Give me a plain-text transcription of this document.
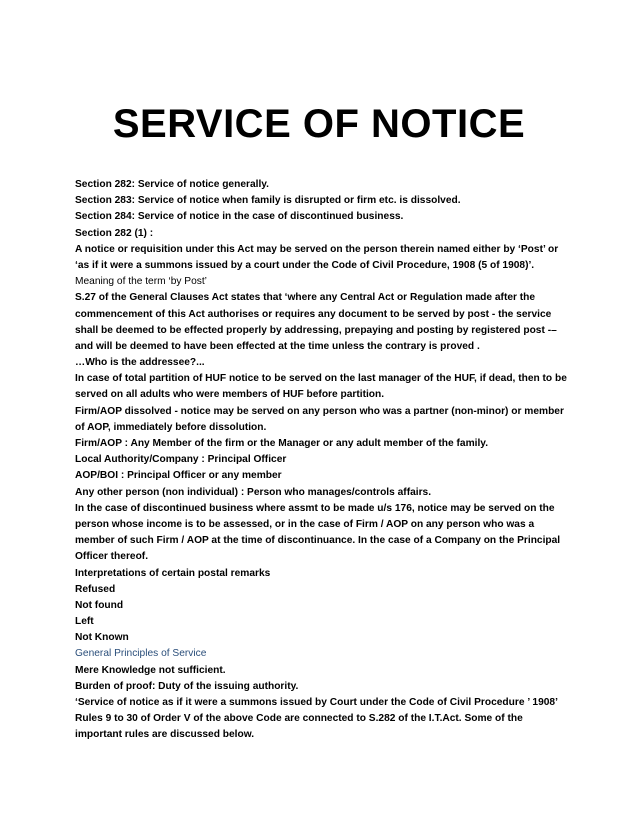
SERVICE OF NOTICE
Section 282: Service of notice generally.
Section 283: Service of notice when family is disrupted or firm etc. is dissolved.
Section 284: Service of notice in the case of discontinued business.
Section 282 (1) :
A notice or requisition under this Act may be served on the person therein named either by ‘Post’ or
‘as if it were a summons issued by a court under the Code of Civil Procedure, 1908 (5 of 1908)’.
Meaning of the term ‘by Post’
S.27 of the General Clauses Act states that ‘where any Central Act or Regulation made after the
commencement of this Act authorises or requires any document to be served by post - the service
shall be deemed to be effected properly by addressing, prepaying and posting by registered post -–
and will be deemed to have been effected at the time unless the contrary is proved .
…Who is the addressee?...
In case of total partition of HUF notice to be served on the last manager of the HUF, if dead, then to be
served on all adults who were members of HUF before partition.
Firm/AOP dissolved - notice may be served on any person who was a partner (non-minor) or member
of AOP, immediately before dissolution.
Firm/AOP : Any Member of the firm or the Manager or any adult member of the family.
Local Authority/Company : Principal Officer
AOP/BOI : Principal Officer or any member
Any other person (non individual) : Person who manages/controls affairs.
In the case of discontinued business where assmt to be made u/s 176, notice may be served on the
person whose income is to be assessed, or in the case of Firm / AOP on any person who was a
member of such Firm / AOP at the time of discontinuance. In the case of a Company on the Principal
Officer thereof.
Interpretations of certain postal remarks
Refused
Not found
Left
Not Known
General Principles of Service
Mere Knowledge not sufficient.
Burden of proof: Duty of the issuing authority.
‘Service of notice as if it were a summons issued by Court under the Code of Civil Procedure ’ 1908’
Rules 9 to 30 of Order V of the above Code are connected to S.282 of the I.T.Act. Some of the
important rules are discussed below.
